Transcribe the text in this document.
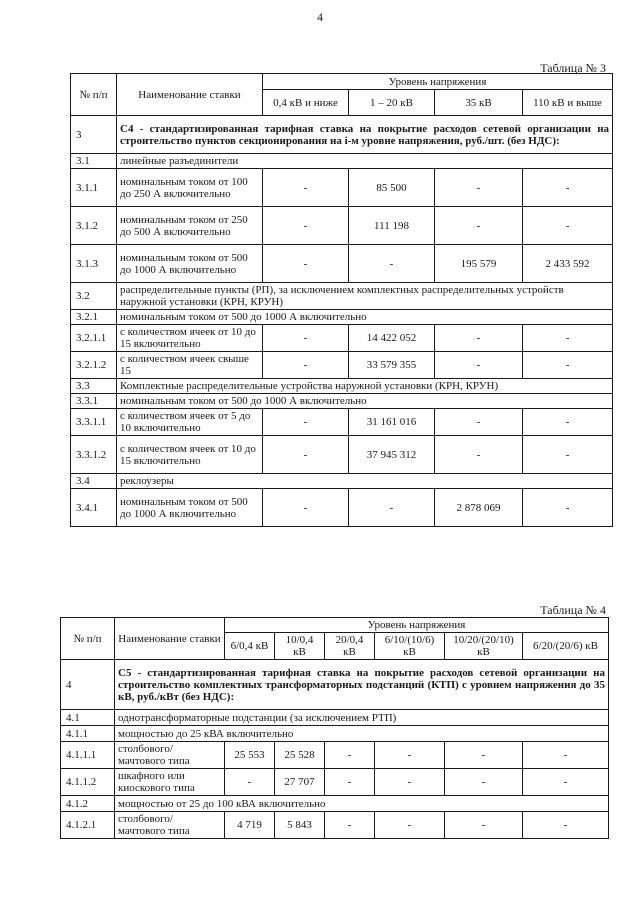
4
Таблица № 3
№ п/п	Наименование ставки	Уровень напряжения			
		0,4 кВ и ниже	1 – 20 кВ	35 кВ	110 кВ и выше
3	С4 - стандартизированная тарифная ставка на покрытие расходов сетевой организации на строительство пунктов секционирования на i-м уровне напряжения, руб./шт. (без НДС):				
3.1	линейные разъединители				
3.1.1	номинальным током от 100 до 250 А включительно	-	85 500	-	-
3.1.2	номинальным током от 250 до 500 А включительно	-	111 198	-	-
3.1.3	номинальным током от 500 до 1000 А включительно	-	-	195 579	2 433 592
3.2	распределительные пункты (РП), за исключением комплектных распределительных устройств наружной установки (КРН, КРУН)				
3.2.1	номинальным током от 500 до 1000 А включительно				
3.2.1.1	с количеством ячеек от 10 до 15 включительно	-	14 422 052	-	-
3.2.1.2	с количеством ячеек свыше 15	-	33 579 355	-	-
3.3	Комплектные распределительные устройства наружной установки (КРН, КРУН)				
3.3.1	номинальным током от 500 до 1000 А включительно				
3.3.1.1	с количеством ячеек от 5 до 10 включительно	-	31 161 016	-	-
3.3.1.2	с количеством ячеек от 10 до 15 включительно	-	37 945 312	-	-
3.4	реклоузеры				
3.4.1	номинальным током от 500 до 1000 А включительно	-	-	2 878 069	-
Таблица № 4
№ п/п	Наименование ставки	Уровень напряжения					
		6/0,4 кВ	10/0,4 кВ	20/0,4 кВ	6/10/(10/6) кВ	10/20/(20/10) кВ	6/20/(20/6) кВ
4	С5 - стандартизированная тарифная ставка на покрытие расходов сетевой организации на строительство комплектных трансформаторных подстанций (КТП) с уровнем напряжения до 35 кВ, руб./кВт (без НДС):						
4.1	однотрансформаторные подстанции (за исключением РТП)						
4.1.1	мощностью до 25 кВА включительно						
4.1.1.1	столбового/ мачтового типа	25 553	25 528	-	-	-	-
4.1.1.2	шкафного или киоскового типа	-	27 707	-	-	-	-
4.1.2	мощностью от 25 до 100 кВА включительно						
4.1.2.1	столбового/ мачтового типа	4 719	5 843	-	-	-	-
